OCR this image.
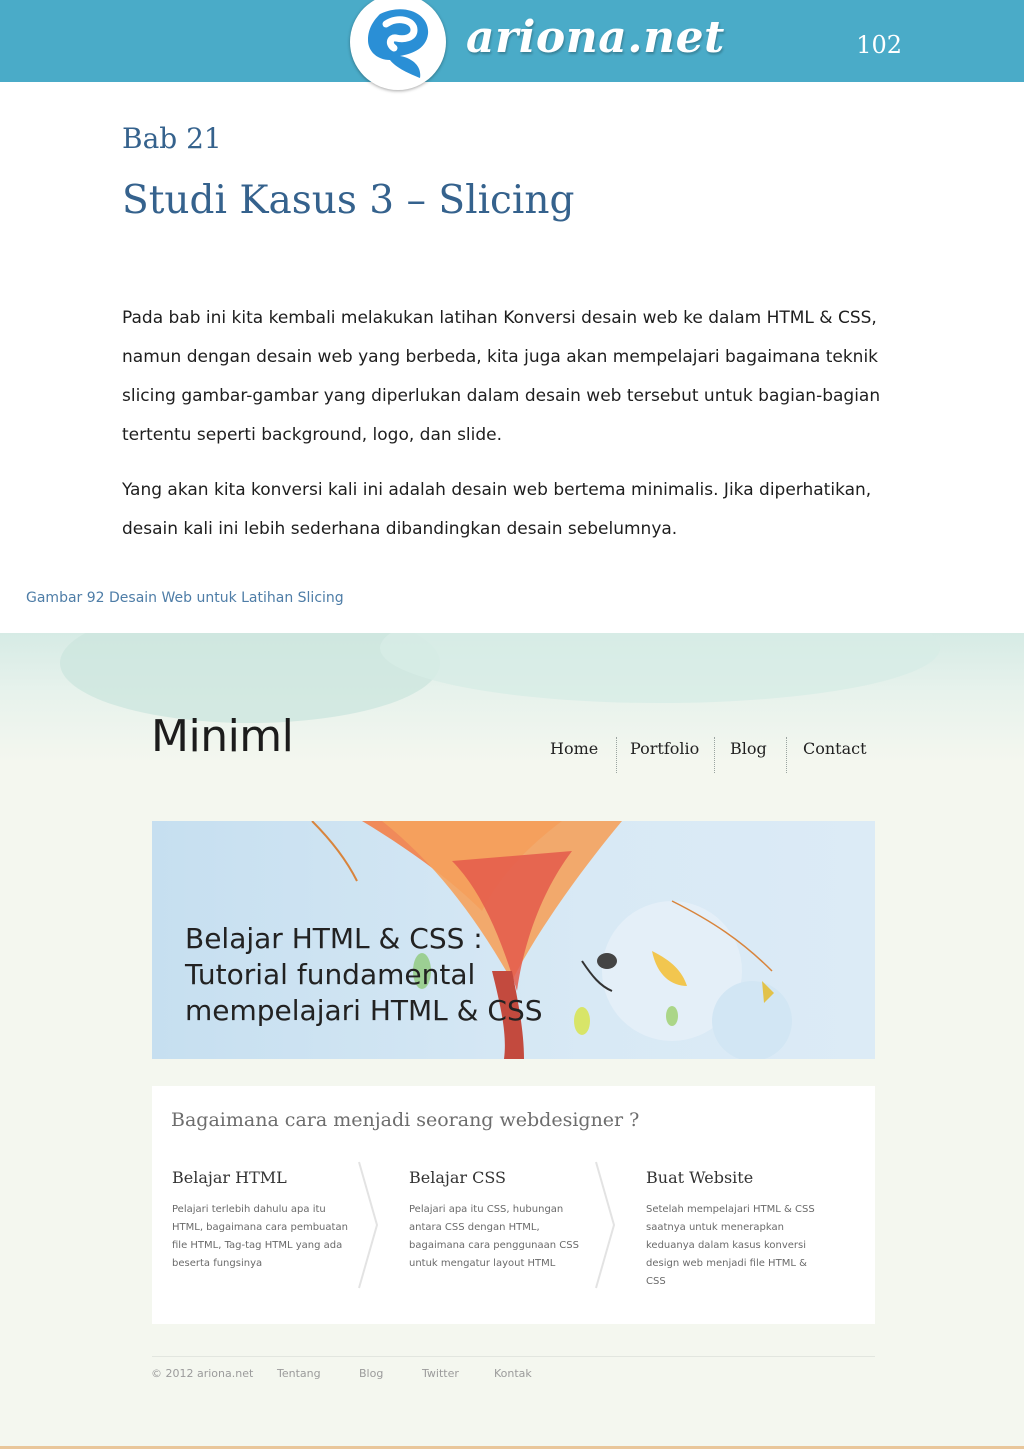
ariona.net	102
Bab 21
Studi Kasus 3 – Slicing

Pada bab ini kita kembali melakukan latihan Konversi desain web ke dalam HTML & CSS, namun dengan desain web yang berbeda, kita juga akan mempelajari bagaimana teknik slicing gambar-gambar yang diperlukan dalam desain web tersebut untuk bagian-bagian tertentu seperti background, logo, dan slide.

Yang akan kita konversi kali ini adalah desain web bertema minimalis. Jika diperhatikan, desain kali ini lebih sederhana dibandingkan desain sebelumnya.

Gambar 92 Desain Web untuk Latihan Slicing
Miniml	Home Portfolio Blog Contact
Belajar HTML & CSS :
Tutorial fundamental
mempelajari HTML & CSS
Bagaimana cara menjadi seorang webdesigner ?
Belajar HTML
Pelajari terlebih dahulu apa itu HTML, bagaimana cara pembuatan file HTML, Tag-tag HTML yang ada beserta fungsinya
Belajar CSS
Pelajari apa itu CSS, hubungan antara CSS dengan HTML, bagaimana cara penggunaan CSS untuk mengatur layout HTML
Buat Website
Setelah mempelajari HTML & CSS saatnya untuk menerapkan keduanya dalam kasus konversi design web menjadi file HTML & CSS
© 2012 ariona.net Tentang	Blog	Twitter	Kontak
